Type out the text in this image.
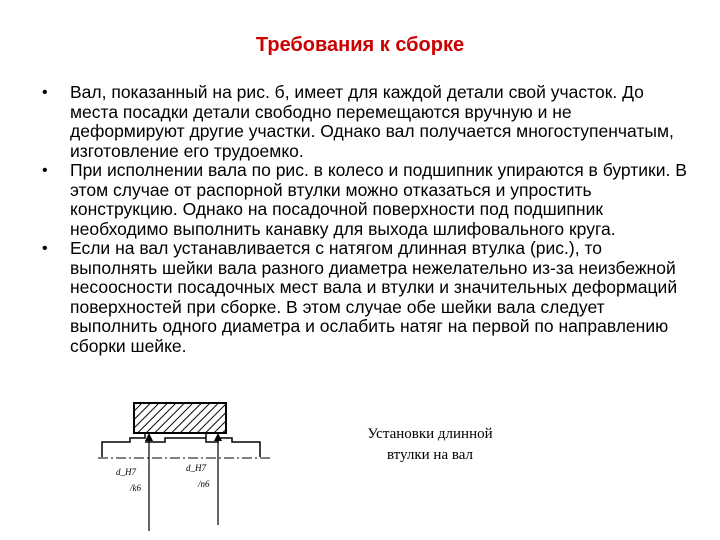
Требования к сборке
• Вал, показанный на рис. б, имеет для каждой детали свой участок. До места посадки детали свободно перемещаются вручную и не деформируют другие участки. Однако вал получается многоступенчатым, изготовление его трудоемко.
• При исполнении вала по рис. в колесо и подшипник упираются в буртики. В этом случае от распорной втулки можно отказаться и упростить конструкцию. Однако на посадочной поверхности под подшипник необходимо выполнить канавку для выхода шлифовального круга.
• Если на вал устанавливается с натягом длинная втулка (рис.), то выполнять шейки вала разного диаметра нежелательно из-за неизбежной несоосности посадочных мест вала и втулки и значительных деформаций поверхностей при сборке. В этом случае обе шейки вала следует выполнить одного диаметра и ослабить натяг на первой по направлению сборки шейке.
d_H7
/k6
d_H7
/n6
Установки длинной
втулки на вал
